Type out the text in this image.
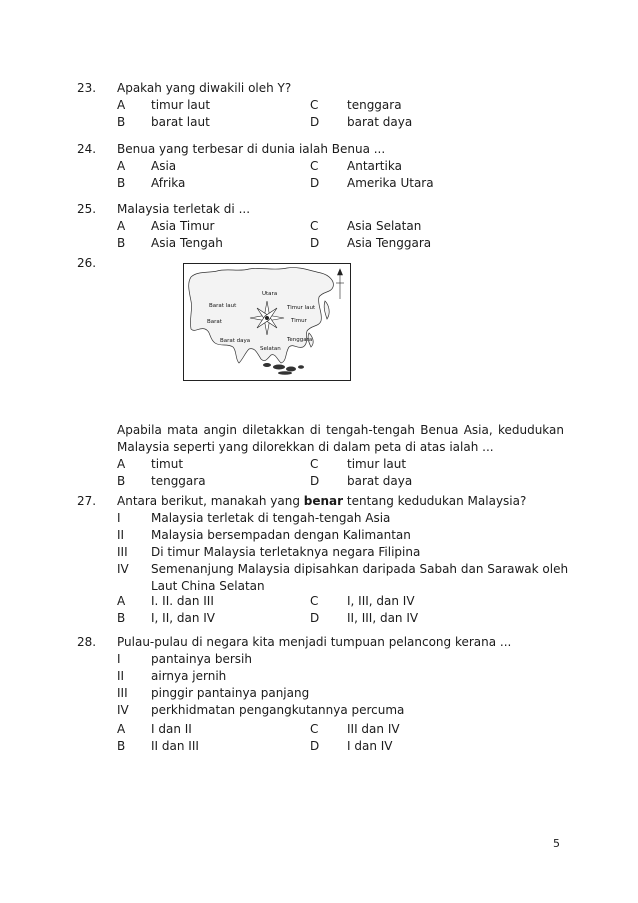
23. Apakah yang diwakili oleh Y?
A timur laut	C tenggara
B barat laut	D barat daya
24. Benua yang terbesar di dunia ialah Benua ...
A Asia	C Antartika
B Afrika	D Amerika Utara
25. Malaysia terletak di ...
A Asia Timur	C Asia Selatan
B Asia Tengah	D Asia Tenggara
26.
Utara
Barat laut	Timur laut
Barat	Timur
Barat daya	Tenggara
Selatan
Apabila mata angin diletakkan di tengah-tengah Benua Asia, kedudukan
Malaysia seperti yang dilorekkan di dalam peta di atas ialah ...
A timut	C timur laut
B tenggara	D barat daya
27. Antara berikut, manakah yang benar tentang kedudukan Malaysia?
I	Malaysia terletak di tengah-tengah Asia
II Malaysia bersempadan dengan Kalimantan
III Di timur Malaysia terletaknya negara Filipina
IV Semenanjung Malaysia dipisahkan daripada Sabah dan Sarawak oleh
Laut China Selatan
A I. II. dan III	C I, III, dan IV
B I, II, dan IV	D II, III, dan IV
28. Pulau-pulau di negara kita menjadi tumpuan pelancong kerana ...
I	pantainya bersih
II airnya jernih
III pinggir pantainya panjang
IV perkhidmatan pengangkutannya percuma
A I dan II	C III dan IV
B II dan III	D I dan IV
5
